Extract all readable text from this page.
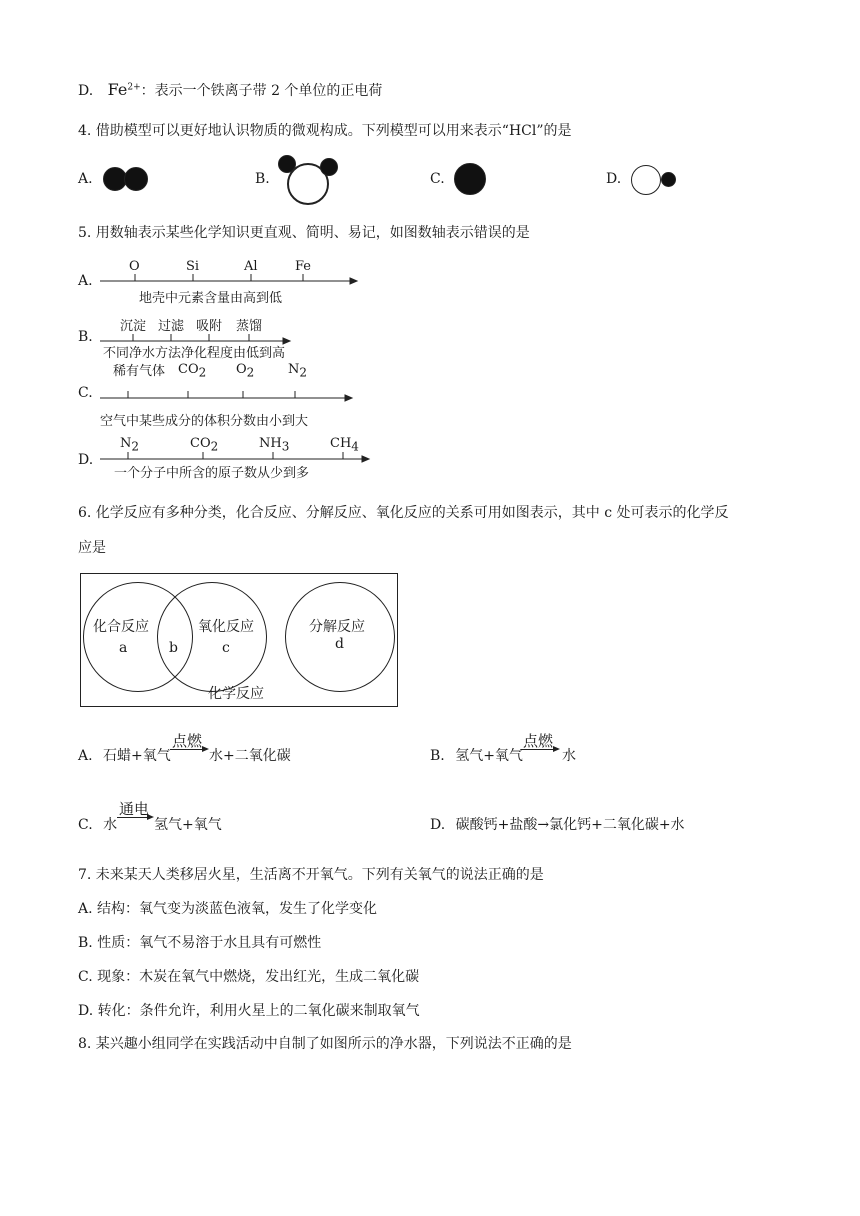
D. $Fe^{2+}$：表示一个铁离子带 2 个单位的正电荷
4. 借助模型可以更好地认识物质的微观构成。下列模型可以用来表示“HCl”的是
A.	B.	C.	D.
5. 用数轴表示某些化学知识更直观、简明、易记，如图数轴表示错误的是
A.
O	Si	Al	Fe
地壳中元素含量由高到低
B.
沉淀 过滤 吸附 蒸馏
不同净水方法净化程度由低到高
C.
稀有气体 $CO_2$ $O_2$	$N_2$
空气中某些成分的体积分数由小到大
D.
$N_2$	$CO_2$	$NH_3$	$CH_4$
一个分子中所含的原子数从少到多
6. 化学反应有多种分类，化合反应、分解反应、氧化反应的关系可用如图表示，其中 c 处可表示的化学反
应是
化合反应
a	b
氧化反应
c
分解反应
d
化学反应
A. 石蜡+氧气
点燃
水+二氧化碳	B. 氢气+氧气
点燃
水
C. 水
通电
氢气+氧气	D. 碳酸钙+盐酸→氯化钙+二氧化碳+水
7. 未来某天人类移居火星，生活离不开氧气。下列有关氧气的说法正确的是
A. 结构：氧气变为淡蓝色液氧，发生了化学变化
B. 性质：氧气不易溶于水且具有可燃性
C. 现象：木炭在氧气中燃烧，发出红光，生成二氧化碳
D. 转化：条件允许，利用火星上的二氧化碳来制取氧气
8. 某兴趣小组同学在实践活动中自制了如图所示的净水器，下列说法不正确的是
